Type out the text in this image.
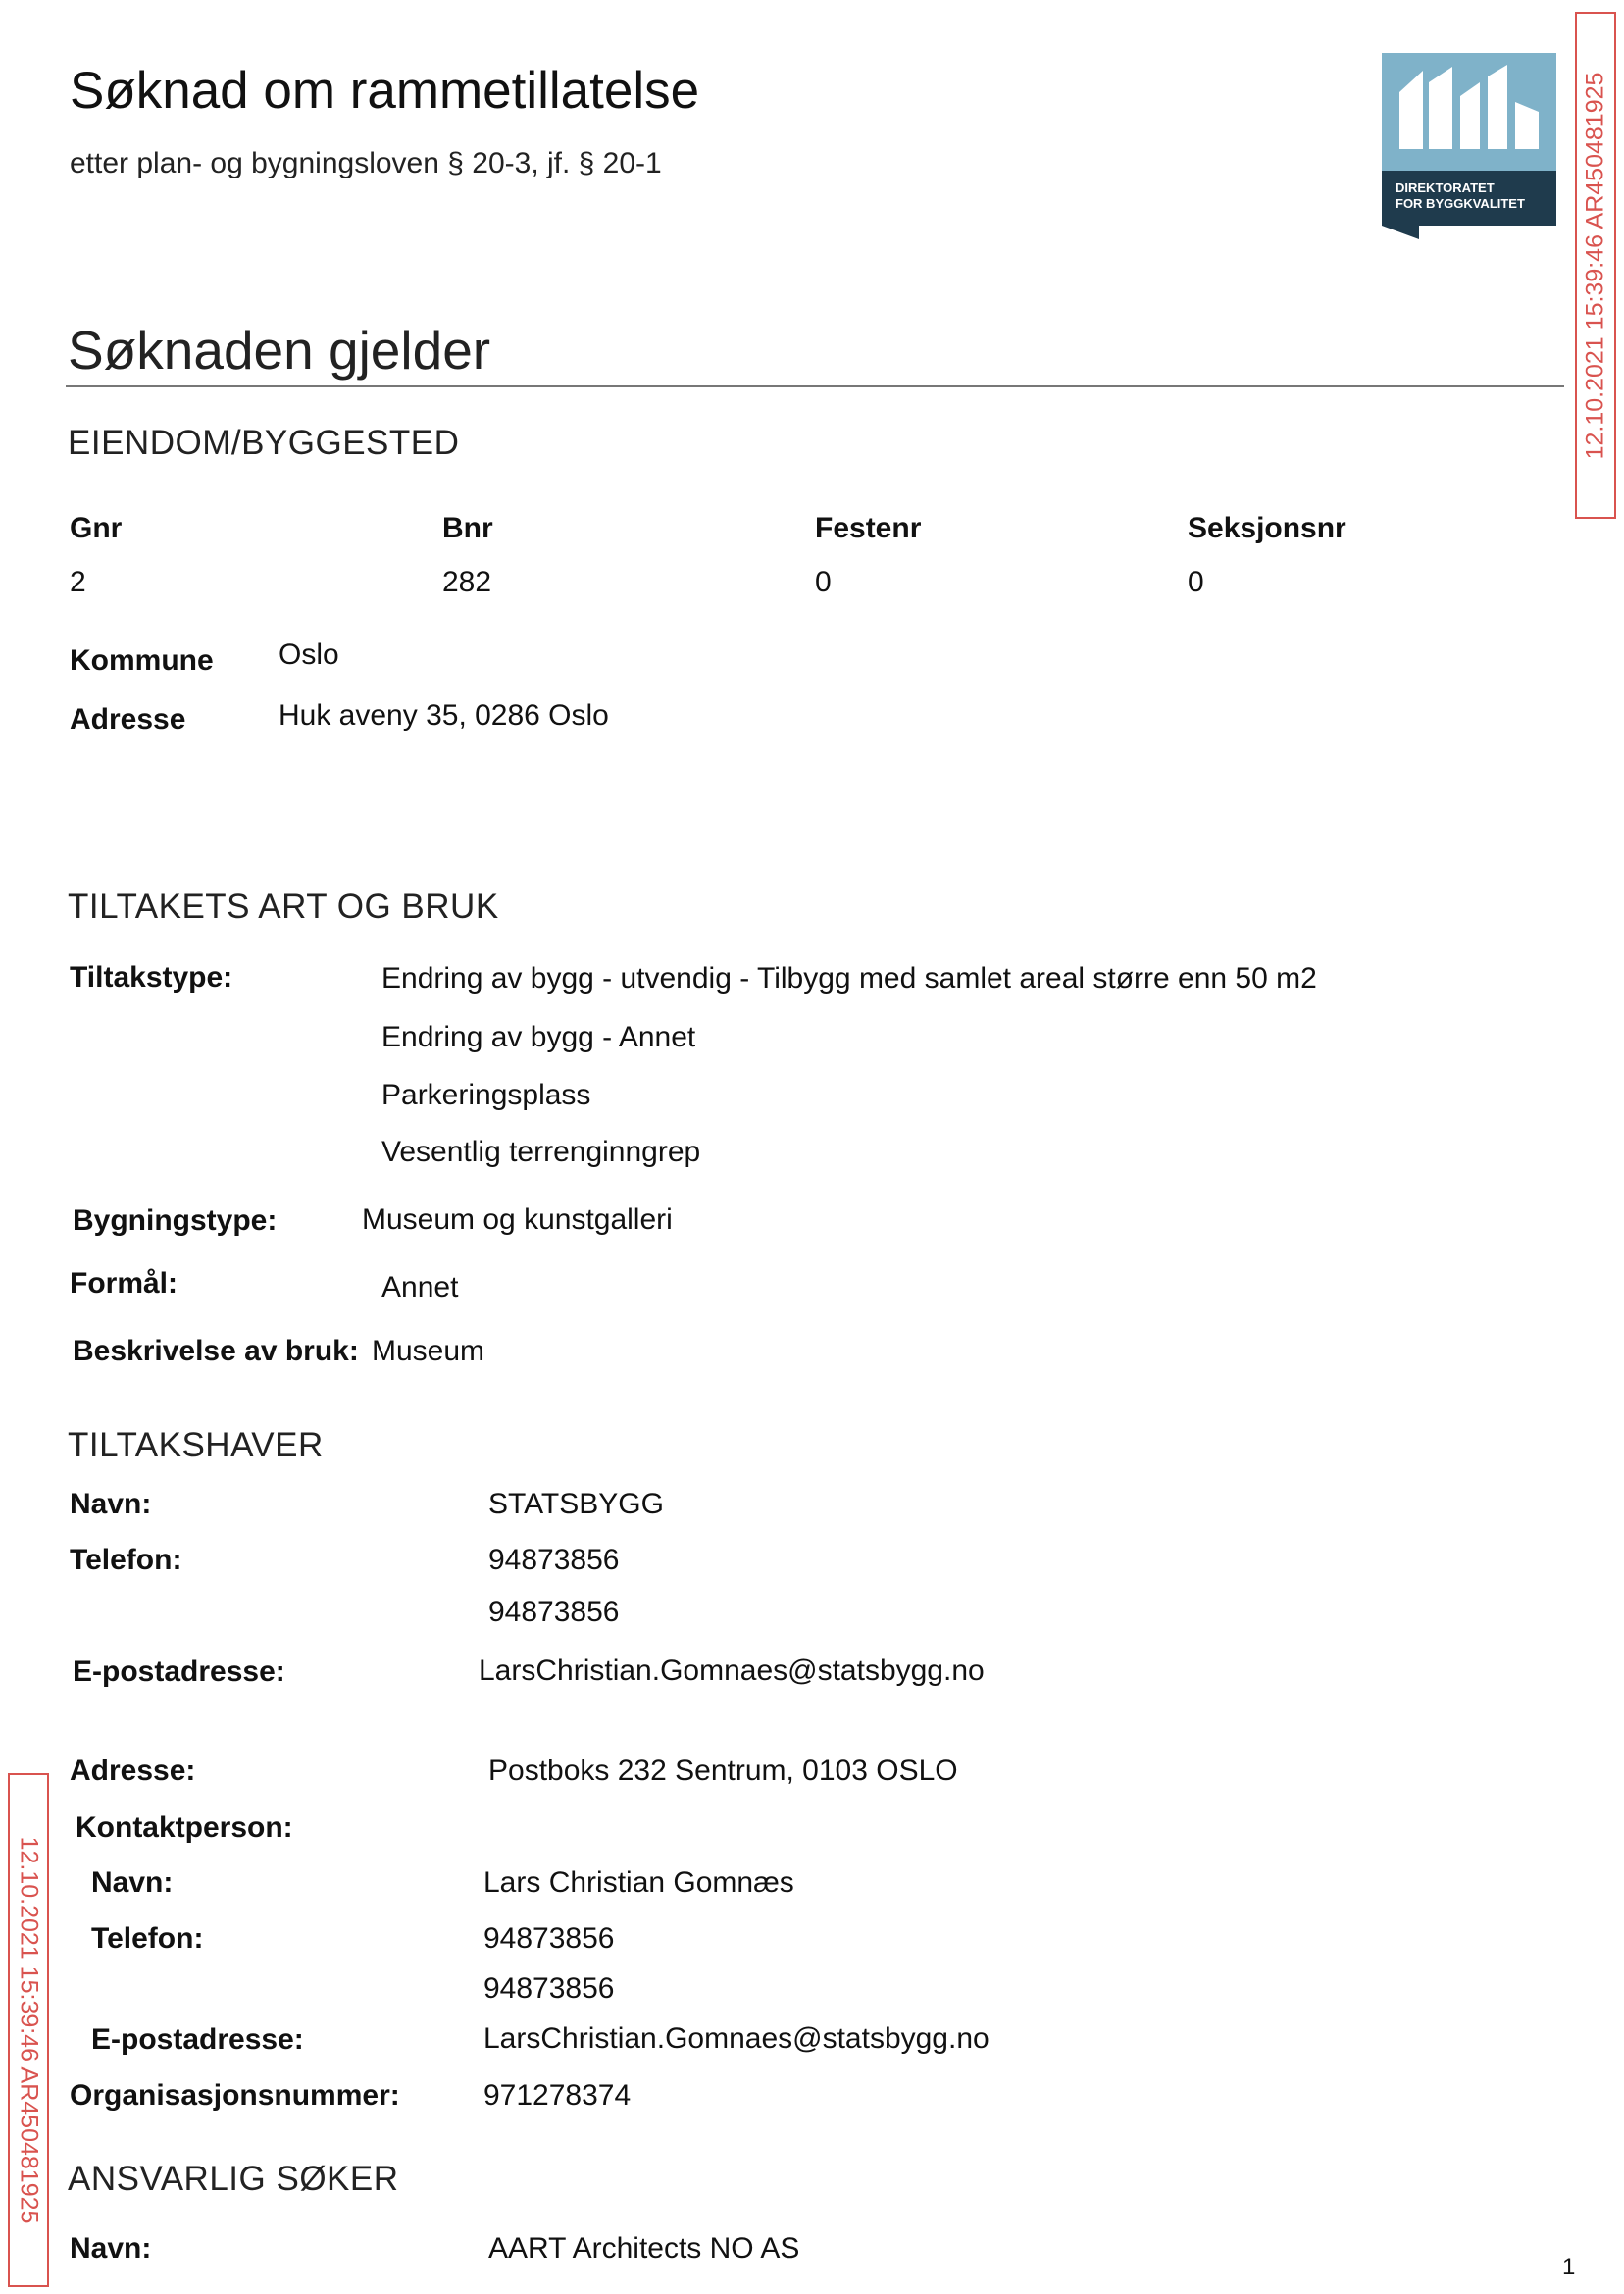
Søknad om rammetillatelse
etter plan- og bygningsloven § 20-3, jf. § 20-1
DIREKTORATET
FOR BYGGKVALITET 12.10.2021 15:39:46 AR450481925
12.10.2021 15:39:46 AR450481925
Søknaden gjelder
EIENDOM/BYGGESTED
Gnr	Bnr	Festenr	Seksjonsnr
2	282	0	0
Kommune Oslo
Adresse	Huk aveny 35, 0286 Oslo
TILTAKETS ART OG BRUK
Tiltakstype:	Endring av bygg - utvendig - Tilbygg med samlet areal større enn 50 m2
Endring av bygg - Annet
Parkeringsplass
Vesentlig terrenginngrep
Bygningstype:	Museum og kunstgalleri
Formål:	Annet
Beskrivelse av bruk: Museum
TILTAKSHAVER
Navn:	STATSBYGG
Telefon:	94873856
94873856
E-postadresse:	LarsChristian.Gomnaes@statsbygg.no
Adresse:	Postboks 232 Sentrum, 0103 OSLO
Kontaktperson:
Navn:	Lars Christian Gomnæs
Telefon:	94873856
94873856
E-postadresse:	LarsChristian.Gomnaes@statsbygg.no
Organisasjonsnummer:	971278374
ANSVARLIG SØKER
Navn:	AART Architects NO AS
1
